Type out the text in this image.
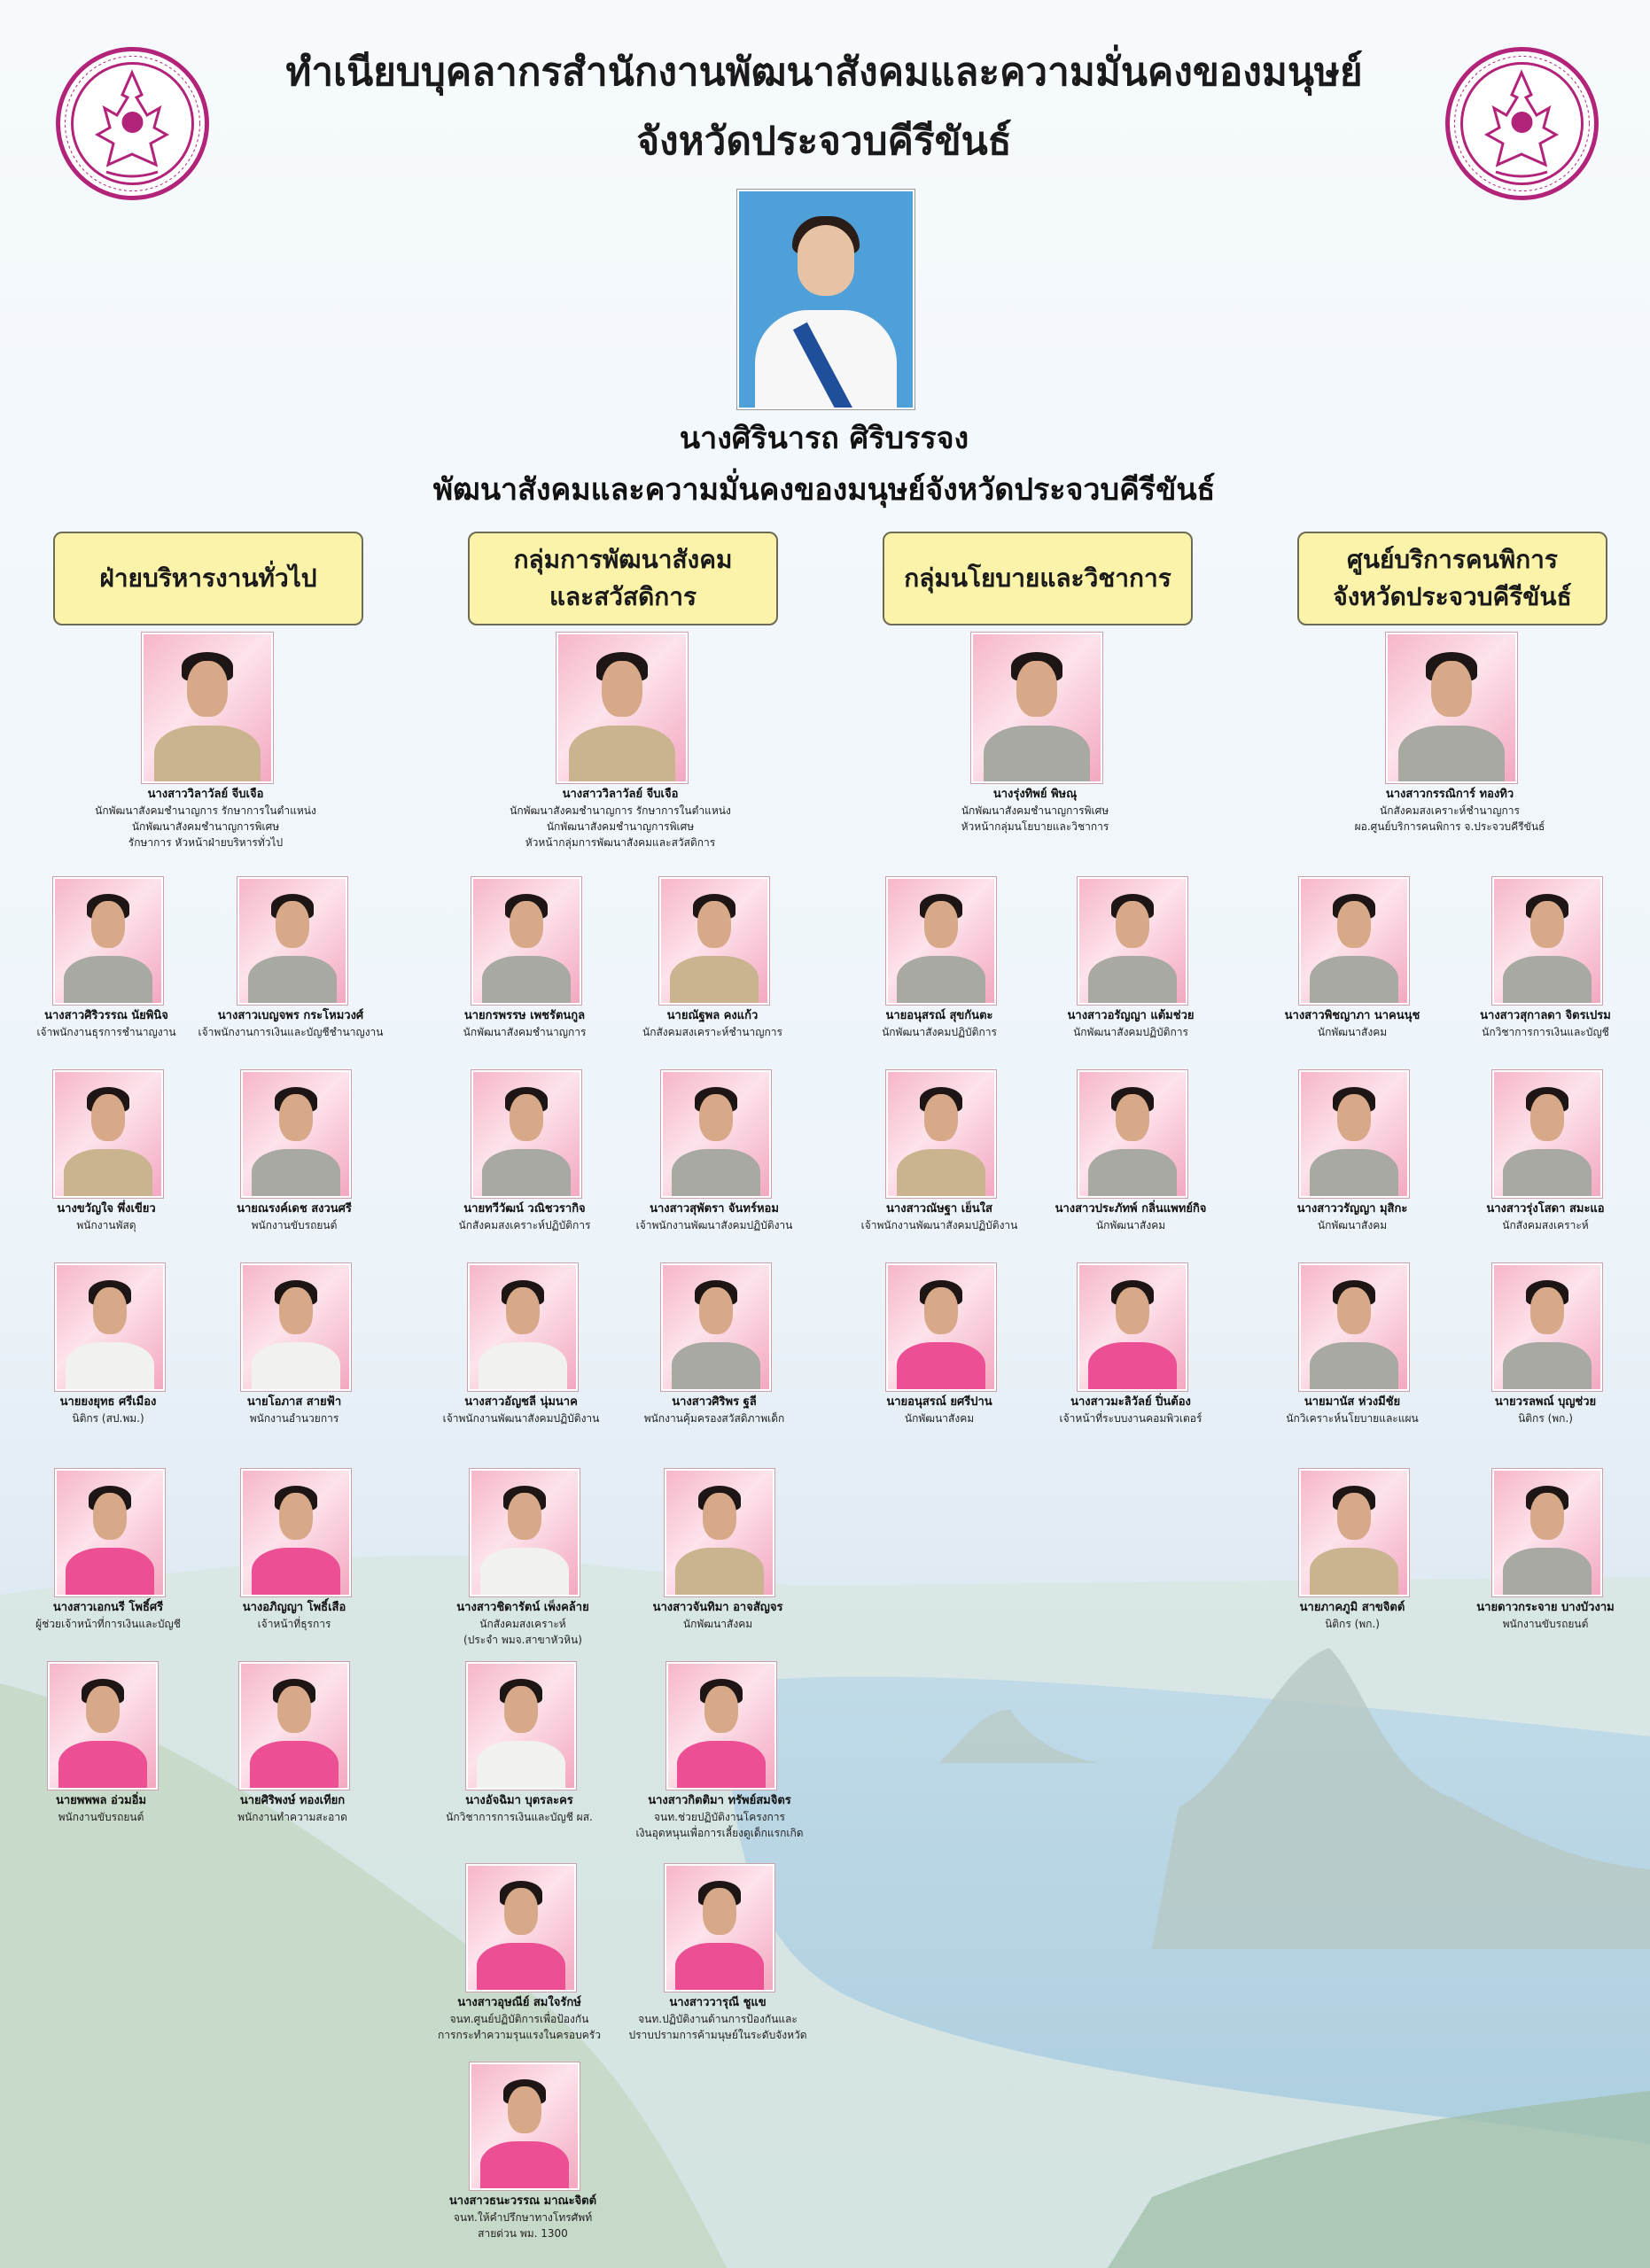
ทำเนียบบุคลากรสำนักงานพัฒนาสังคมและความมั่นคงของมนุษย์
จังหวัดประจวบคีรีขันธ์
นางศิรินารถ ศิริบรรจง
พัฒนาสังคมและความมั่นคงของมนุษย์จังหวัดประจวบคีรีขันธ์
ฝ่ายบริหารงานทั่วไป
กลุ่มการพัฒนาสังคม
และสวัสดิการ
กลุ่มนโยบายและวิชาการ
ศูนย์บริการคนพิการ
จังหวัดประจวบคีรีขันธ์
นางสาววิลาวัลย์ จีบเจือ
นักพัฒนาสังคมชำนาญการ รักษาการในตำแหน่ง
นักพัฒนาสังคมชำนาญการพิเศษ
รักษาการ หัวหน้าฝ่ายบริหารทั่วไป
นางสาววิลาวัลย์ จีบเจือ
นักพัฒนาสังคมชำนาญการ รักษาการในตำแหน่ง
นักพัฒนาสังคมชำนาญการพิเศษ
หัวหน้ากลุ่มการพัฒนาสังคมและสวัสดิการ
นางรุ่งทิพย์ พิษณุ
นักพัฒนาสังคมชำนาญการพิเศษ
หัวหน้ากลุ่มนโยบายและวิชาการ
นางสาวกรรณิการ์ ทองทิว
นักสังคมสงเคราะห์ชำนาญการ
ผอ.ศูนย์บริการคนพิการ จ.ประจวบคีรีขันธ์
นางสาวศิริวรรณ นัยพินิจ
เจ้าพนักงานธุรการชำนาญงาน
นางสาวเบญจพร กระโหมวงศ์
เจ้าพนักงานการเงินและบัญชีชำนาญงาน
นายกรพรรษ เพชรัตนกูล
นักพัฒนาสังคมชำนาญการ
นายณัฐพล คงแก้ว
นักสังคมสงเคราะห์ชำนาญการ
นายอนุสรณ์ สุขกันตะ
นักพัฒนาสังคมปฏิบัติการ
นางสาวอรัญญา แต้มช่วย
นักพัฒนาสังคมปฏิบัติการ
นางสาวพิชญาภา นาคนนุช
นักพัฒนาสังคม
นางสาวสุกาลดา จิตรเปรม
นักวิชาการการเงินและบัญชี
นางขวัญใจ พึ่งเขียว
พนักงานพัสดุ
นายณรงค์เดช สงวนศรี
พนักงานขับรถยนต์
นายทวีวัฒน์ วณิชวรากิจ
นักสังคมสงเคราะห์ปฏิบัติการ
นางสาวสุพัตรา จันทร์หอม
เจ้าพนักงานพัฒนาสังคมปฏิบัติงาน
นางสาวณัษฐา เย็นใส
เจ้าพนักงานพัฒนาสังคมปฏิบัติงาน
นางสาวประภัทพ์ กลิ่นแพทย์กิจ
นักพัฒนาสังคม
นางสาววรัญญา มุสิกะ
นักพัฒนาสังคม
นางสาวรุ่งโสดา สมะแอ
นักสังคมสงเคราะห์
นายยงยุทธ ศรีเมือง
นิติกร (สป.พม.)
นายโอภาส สายฟ้า
พนักงานอำนวยการ
นางสาวอัญชลี นุ่มนาค
เจ้าพนักงานพัฒนาสังคมปฏิบัติงาน
นางสาวศิริพร ฐลี
พนักงานคุ้มครองสวัสดิภาพเด็ก
นายอนุสรณ์ ยศรีปาน
นักพัฒนาสังคม
นางสาวมะลิวัลย์ ปิ่นต้อง
เจ้าหน้าที่ระบบงานคอมพิวเตอร์
นายมานัส ห่วงมีชัย
นักวิเคราะห์นโยบายและแผน
นายวรลพณ์ บุญช่วย
นิติกร (พก.)
นางสาวเอกนรี โพธิ์ศรี
ผู้ช่วยเจ้าหน้าที่การเงินและบัญชี
นางอภิญญา โพธิ์เสือ
เจ้าหน้าที่ธุรการ
นางสาวชิดารัตน์ เพ็งคล้าย
นักสังคมสงเคราะห์
(ประจำ พมจ.สาขาหัวหิน)
นางสาวจันทิมา อาจสัญจร
นักพัฒนาสังคม
นายภาคภูมิ สาขจิตต์
นิติกร (พก.)
นายดาวกระจาย บางบัวงาม
พนักงานขับรถยนต์
นายพพพล อ่วมอิ่ม
พนักงานขับรถยนต์
นายศิริพงษ์ ทองเทียก
พนักงานทำความสะอาด
นางอัจฉิมา บุตรละคร
นักวิชาการการเงินและบัญชี ผส.
นางสาวกิตติมา ทรัพย์สมจิตร
จนท.ช่วยปฏิบัติงานโครงการ
เงินอุดหนุนเพื่อการเลี้ยงดูเด็กแรกเกิด
นางสาวอุษณีย์ สมใจรักษ์
จนท.ศูนย์ปฏิบัติการเพื่อป้องกัน
การกระทำความรุนแรงในครอบครัว
นางสาววารุณี ชูแข
จนท.ปฏิบัติงานด้านการป้องกันและ
ปราบปรามการค้ามนุษย์ในระดับจังหวัด
นางสาวธนะวรรณ มาณะจิตต์
จนท.ให้คำปรึกษาทางโทรศัพท์
สายด่วน พม. 1300
